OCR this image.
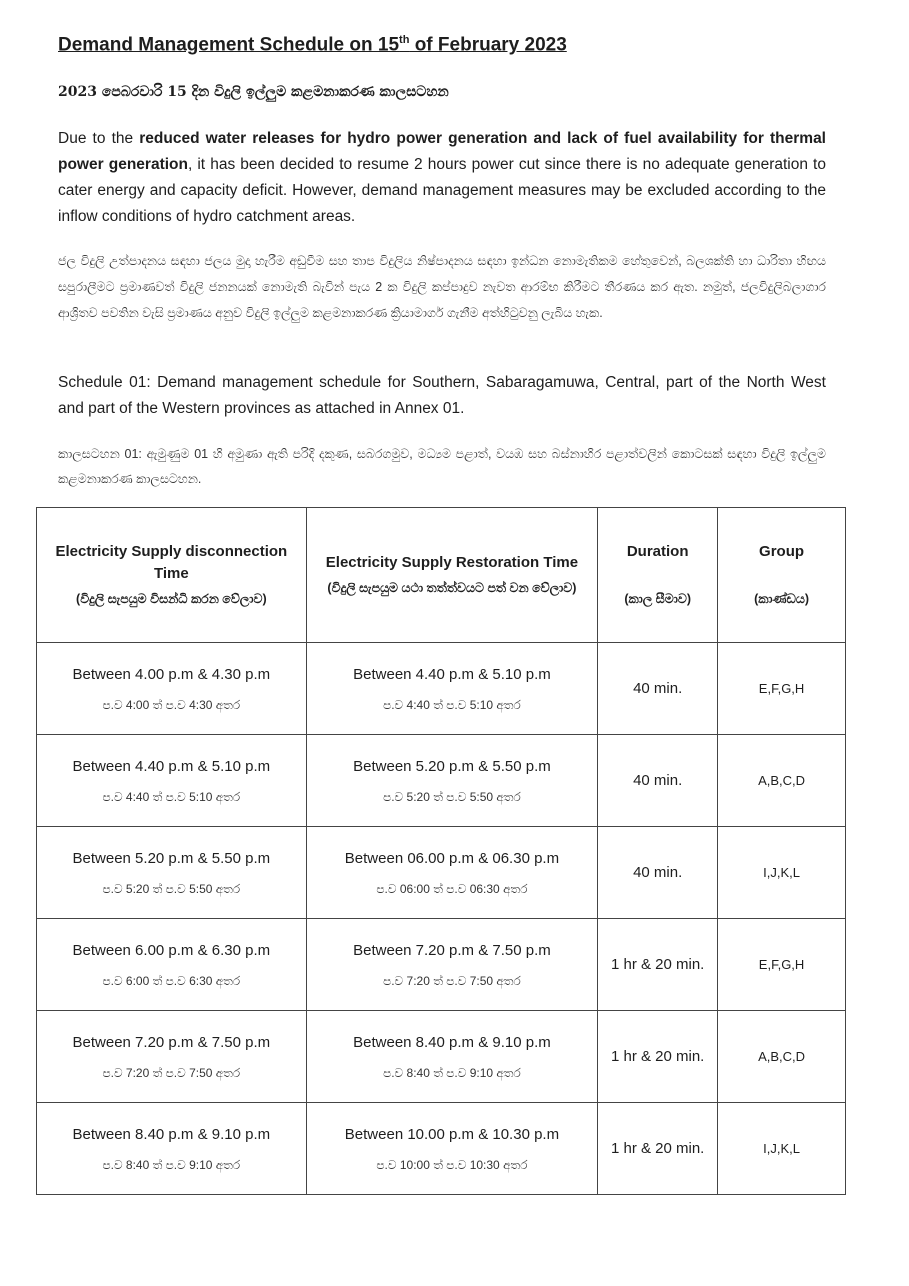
Demand Management Schedule on 15th of February 2023
2023 පෙබරවාරි 15 දින විදුලි ඉල්ලුම කළමනාකරණ කාලසටහන
Due to the reduced water releases for hydro power generation and lack of fuel availability for thermal power generation, it has been decided to resume 2 hours power cut since there is no adequate generation to cater energy and capacity deficit. However, demand management measures may be excluded according to the inflow conditions of hydro catchment areas.
ජල විදුලි උත්පාදනය සඳහා ජලය මුදා හැරීම අඩුවීම සහ තාප විදුලිය නිෂ්පාදනය සඳහා ඉන්ධන නොමැතිකම හේතුවෙන්, බලශක්ති හා ධාරිතා හිඟය සපුරාලීමට ප්‍රමාණවත් විදුලි ජනනයක් නොමැති බැවින් පැය 2 ක විදුලි කප්පාදුව නැවත ආරම්භ කිරීමට තීරණය කර ඇත. නමුත්, ජලවිදුලිබලාගාර ආශ්‍රිතව පවතින වැසි ප්‍රමාණය අනුව විදුලි ඉල්ලුම කළමනාකරණ ක්‍රියාමාර්ග ගැනීම අත්හිටුවනු ලැබිය හැක.
Schedule 01: Demand management schedule for Southern, Sabaragamuwa, Central, part of the North West and part of the Western provinces as attached in Annex 01.
කාලසටහන 01: ඇමුණුම 01 හි අමුණා ඇති පරිදි දකුණ, සබරගමුව, මධ්‍යම පළාත්, වයඹ සහ බස්නාහිර පළාත්වලින් කොටසක් සඳහා විදුලි ඉල්ලුම කළමනාකරණ කාලසටහන.
Electricity Supply disconnection Time
(විදුලි සැපයුම විසන්ධි කරන වේලාව)	Electricity Supply Restoration Time
(විදුලි සැපයුම යථා තත්ත්වයට පත් වන වේලාව)	Duration
(කාල සීමාව)	Group
(කාණ්ඩය)

Between 4.00 p.m & 4.30 p.m
ප.ව 4:00 ත් ප.ව 4:30 අතර	Between 4.40 p.m & 5.10 p.m
ප.ව 4:40 ත් ප.ව 5:10 අතර	40 min.	E,F,G,H

Between 4.40 p.m & 5.10 p.m
ප.ව 4:40 ත් ප.ව 5:10 අතර	Between 5.20 p.m & 5.50 p.m
ප.ව 5:20 ත් ප.ව 5:50 අතර	40 min.	A,B,C,D

Between 5.20 p.m & 5.50 p.m
ප.ව 5:20 ත් ප.ව 5:50 අතර	Between 06.00 p.m & 06.30 p.m
ප.ව 06:00 ත් ප.ව 06:30 අතර	40 min.	I,J,K,L

Between 6.00 p.m & 6.30 p.m
ප.ව 6:00 ත් ප.ව 6:30 අතර	Between 7.20 p.m & 7.50 p.m
ප.ව 7:20 ත් ප.ව 7:50 අතර	1 hr & 20 min.	E,F,G,H

Between 7.20 p.m & 7.50 p.m
ප.ව 7:20 ත් ප.ව 7:50 අතර	Between 8.40 p.m & 9.10 p.m
ප.ව 8:40 ත් ප.ව 9:10 අතර	1 hr & 20 min.	A,B,C,D

Between 8.40 p.m & 9.10 p.m
ප.ව 8:40 ත් ප.ව 9:10 අතර	Between 10.00 p.m & 10.30 p.m
ප.ව 10:00 ත් ප.ව 10:30 අතර	1 hr & 20 min.	I,J,K,L
